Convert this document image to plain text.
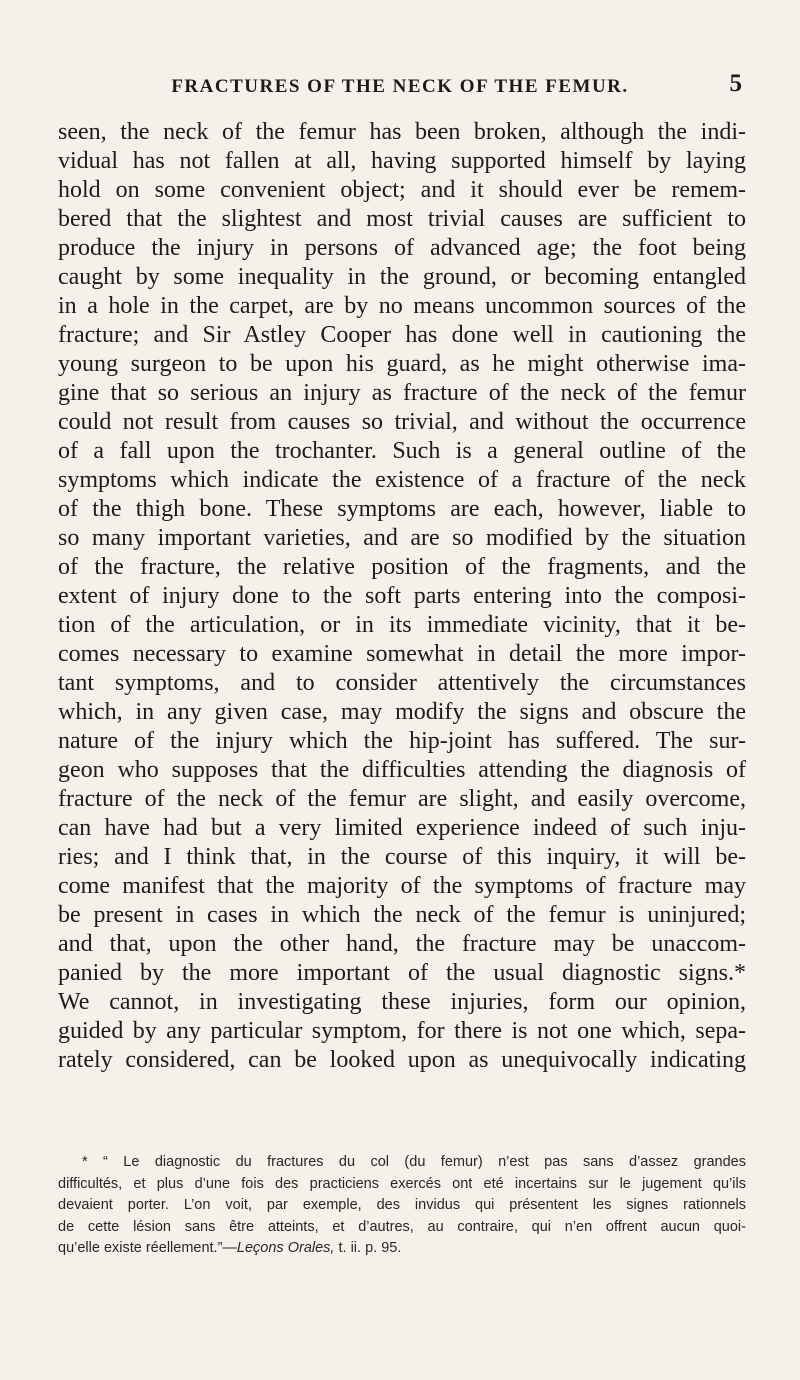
FRACTURES OF THE NECK OF THE FEMUR.	5
seen, the neck of the femur has been broken, although the indi-
vidual has not fallen at all, having supported himself by laying
hold on some convenient object; and it should ever be remem-
bered that the slightest and most trivial causes are sufficient to
produce the injury in persons of advanced age; the foot being
caught by some inequality in the ground, or becoming entangled
in a hole in the carpet, are by no means uncommon sources of the
fracture; and Sir Astley Cooper has done well in cautioning the
young surgeon to be upon his guard, as he might otherwise ima-
gine that so serious an injury as fracture of the neck of the femur
could not result from causes so trivial, and without the occurrence
of a fall upon the trochanter. Such is a general outline of the
symptoms which indicate the existence of a fracture of the neck
of the thigh bone. These symptoms are each, however, liable to
so many important varieties, and are so modified by the situation
of the fracture, the relative position of the fragments, and the
extent of injury done to the soft parts entering into the composi-
tion of the articulation, or in its immediate vicinity, that it be-
comes necessary to examine somewhat in detail the more impor-
tant symptoms, and to consider attentively the circumstances
which, in any given case, may modify the signs and obscure the
nature of the injury which the hip-joint has suffered. The sur-
geon who supposes that the difficulties attending the diagnosis of
fracture of the neck of the femur are slight, and easily overcome,
can have had but a very limited experience indeed of such inju-
ries; and I think that, in the course of this inquiry, it will be-
come manifest that the majority of the symptoms of fracture may
be present in cases in which the neck of the femur is uninjured;
and that, upon the other hand, the fracture may be unaccom-
panied by the more important of the usual diagnostic signs.*
We cannot, in investigating these injuries, form our opinion,
guided by any particular symptom, for there is not one which, sepa-
rately considered, can be looked upon as unequivocally indicating
* “ Le diagnostic du fractures du col (du femur) n’est pas sans d’assez grandes
difficultés, et plus d’une fois des practiciens exercés ont eté incertains sur le jugement qu’ils
devaient porter. L’on voit, par exemple, des invidus qui présentent les signes rationnels
de cette lésion sans être atteints, et d’autres, au contraire, qui n’en offrent aucun quoi-
qu’elle existe réellement.”—Leçons Orales, t. ii. p. 95.
